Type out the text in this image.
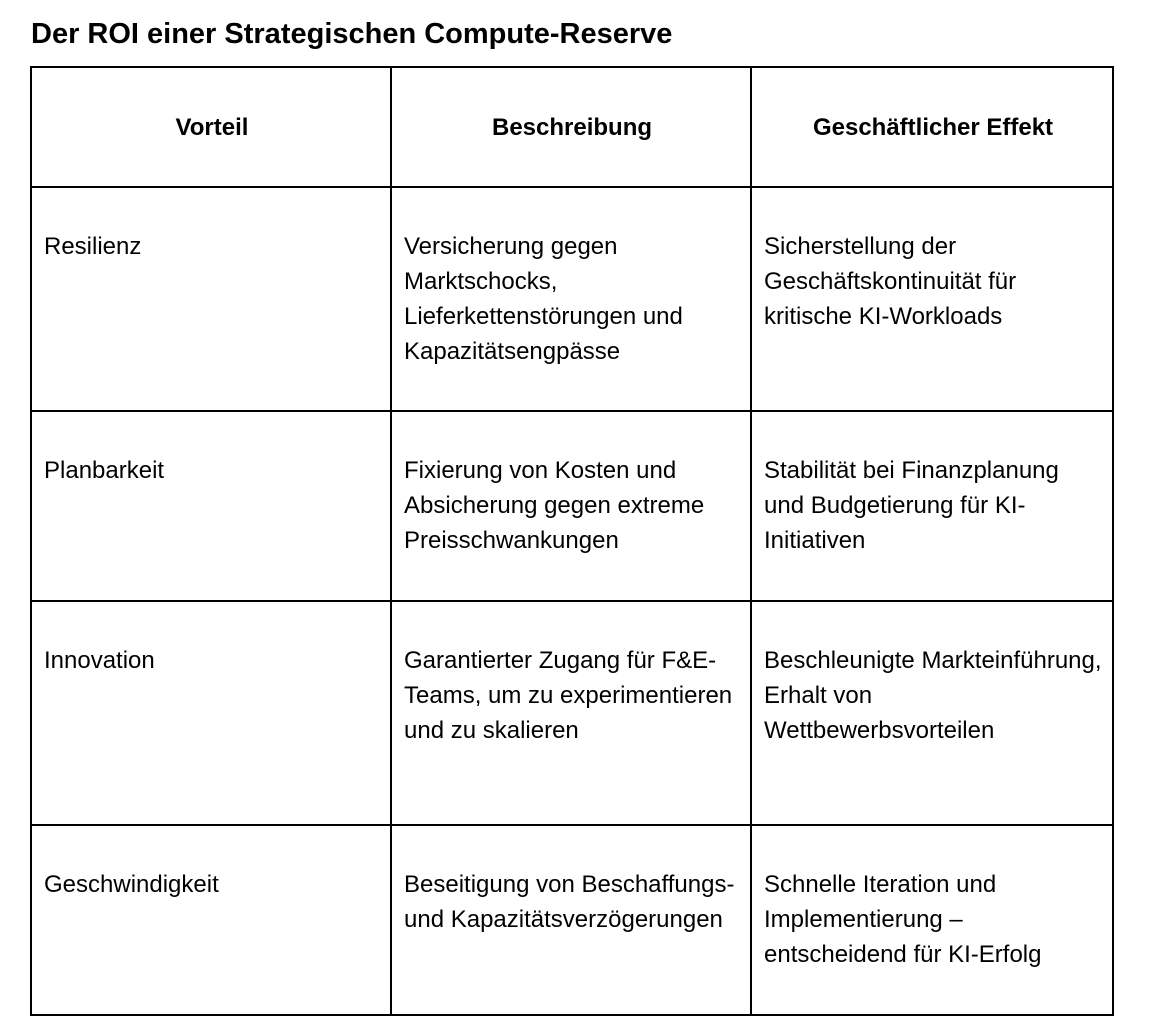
Der ROI einer Strategischen Compute-Reserve
Vorteil	Beschreibung	Geschäftlicher Effekt
Resilienz	Versicherung gegen Marktschocks, Lieferkettenstörungen und Kapazitätsengpässe	Sicherstellung der Geschäftskontinuität für kritische KI-Workloads
Planbarkeit	Fixierung von Kosten und Absicherung gegen extreme Preisschwankungen	Stabilität bei Finanzplanung und Budgetierung für KI-Initiativen
Innovation	Garantierter Zugang für F&E-Teams, um zu experimentieren und zu skalieren	Beschleunigte Markteinführung, Erhalt von Wettbewerbsvorteilen
Geschwindigkeit	Beseitigung von Beschaffungs- und Kapazitätsverzögerungen	Schnelle Iteration und Implementierung – entscheidend für KI-Erfolg
